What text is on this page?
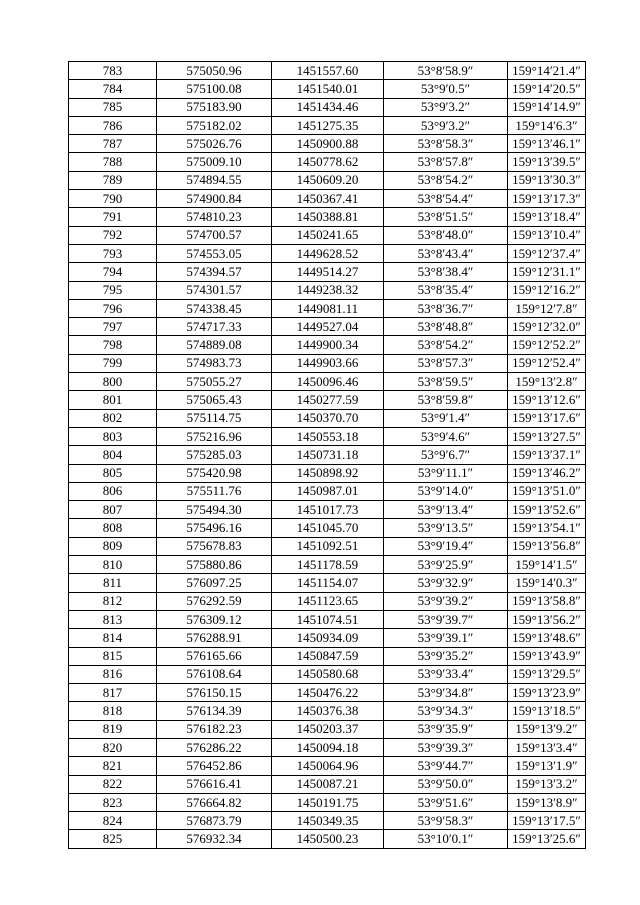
783	575050.96	1451557.60	53°8′58.9″	159°14′21.4″
784	575100.08	1451540.01	53°9′0.5″	159°14′20.5″
785	575183.90	1451434.46	53°9′3.2″	159°14′14.9″
786	575182.02	1451275.35	53°9′3.2″	159°14′6.3″
787	575026.76	1450900.88	53°8′58.3″	159°13′46.1″
788	575009.10	1450778.62	53°8′57.8″	159°13′39.5″
789	574894.55	1450609.20	53°8′54.2″	159°13′30.3″
790	574900.84	1450367.41	53°8′54.4″	159°13′17.3″
791	574810.23	1450388.81	53°8′51.5″	159°13′18.4″
792	574700.57	1450241.65	53°8′48.0″	159°13′10.4″
793	574553.05	1449628.52	53°8′43.4″	159°12′37.4″
794	574394.57	1449514.27	53°8′38.4″	159°12′31.1″
795	574301.57	1449238.32	53°8′35.4″	159°12′16.2″
796	574338.45	1449081.11	53°8′36.7″	159°12′7.8″
797	574717.33	1449527.04	53°8′48.8″	159°12′32.0″
798	574889.08	1449900.34	53°8′54.2″	159°12′52.2″
799	574983.73	1449903.66	53°8′57.3″	159°12′52.4″
800	575055.27	1450096.46	53°8′59.5″	159°13′2.8″
801	575065.43	1450277.59	53°8′59.8″	159°13′12.6″
802	575114.75	1450370.70	53°9′1.4″	159°13′17.6″
803	575216.96	1450553.18	53°9′4.6″	159°13′27.5″
804	575285.03	1450731.18	53°9′6.7″	159°13′37.1″
805	575420.98	1450898.92	53°9′11.1″	159°13′46.2″
806	575511.76	1450987.01	53°9′14.0″	159°13′51.0″
807	575494.30	1451017.73	53°9′13.4″	159°13′52.6″
808	575496.16	1451045.70	53°9′13.5″	159°13′54.1″
809	575678.83	1451092.51	53°9′19.4″	159°13′56.8″
810	575880.86	1451178.59	53°9′25.9″	159°14′1.5″
811	576097.25	1451154.07	53°9′32.9″	159°14′0.3″
812	576292.59	1451123.65	53°9′39.2″	159°13′58.8″
813	576309.12	1451074.51	53°9′39.7″	159°13′56.2″
814	576288.91	1450934.09	53°9′39.1″	159°13′48.6″
815	576165.66	1450847.59	53°9′35.2″	159°13′43.9″
816	576108.64	1450580.68	53°9′33.4″	159°13′29.5″
817	576150.15	1450476.22	53°9′34.8″	159°13′23.9″
818	576134.39	1450376.38	53°9′34.3″	159°13′18.5″
819	576182.23	1450203.37	53°9′35.9″	159°13′9.2″
820	576286.22	1450094.18	53°9′39.3″	159°13′3.4″
821	576452.86	1450064.96	53°9′44.7″	159°13′1.9″
822	576616.41	1450087.21	53°9′50.0″	159°13′3.2″
823	576664.82	1450191.75	53°9′51.6″	159°13′8.9″
824	576873.79	1450349.35	53°9′58.3″	159°13′17.5″
825	576932.34	1450500.23	53°10′0.1″	159°13′25.6″
